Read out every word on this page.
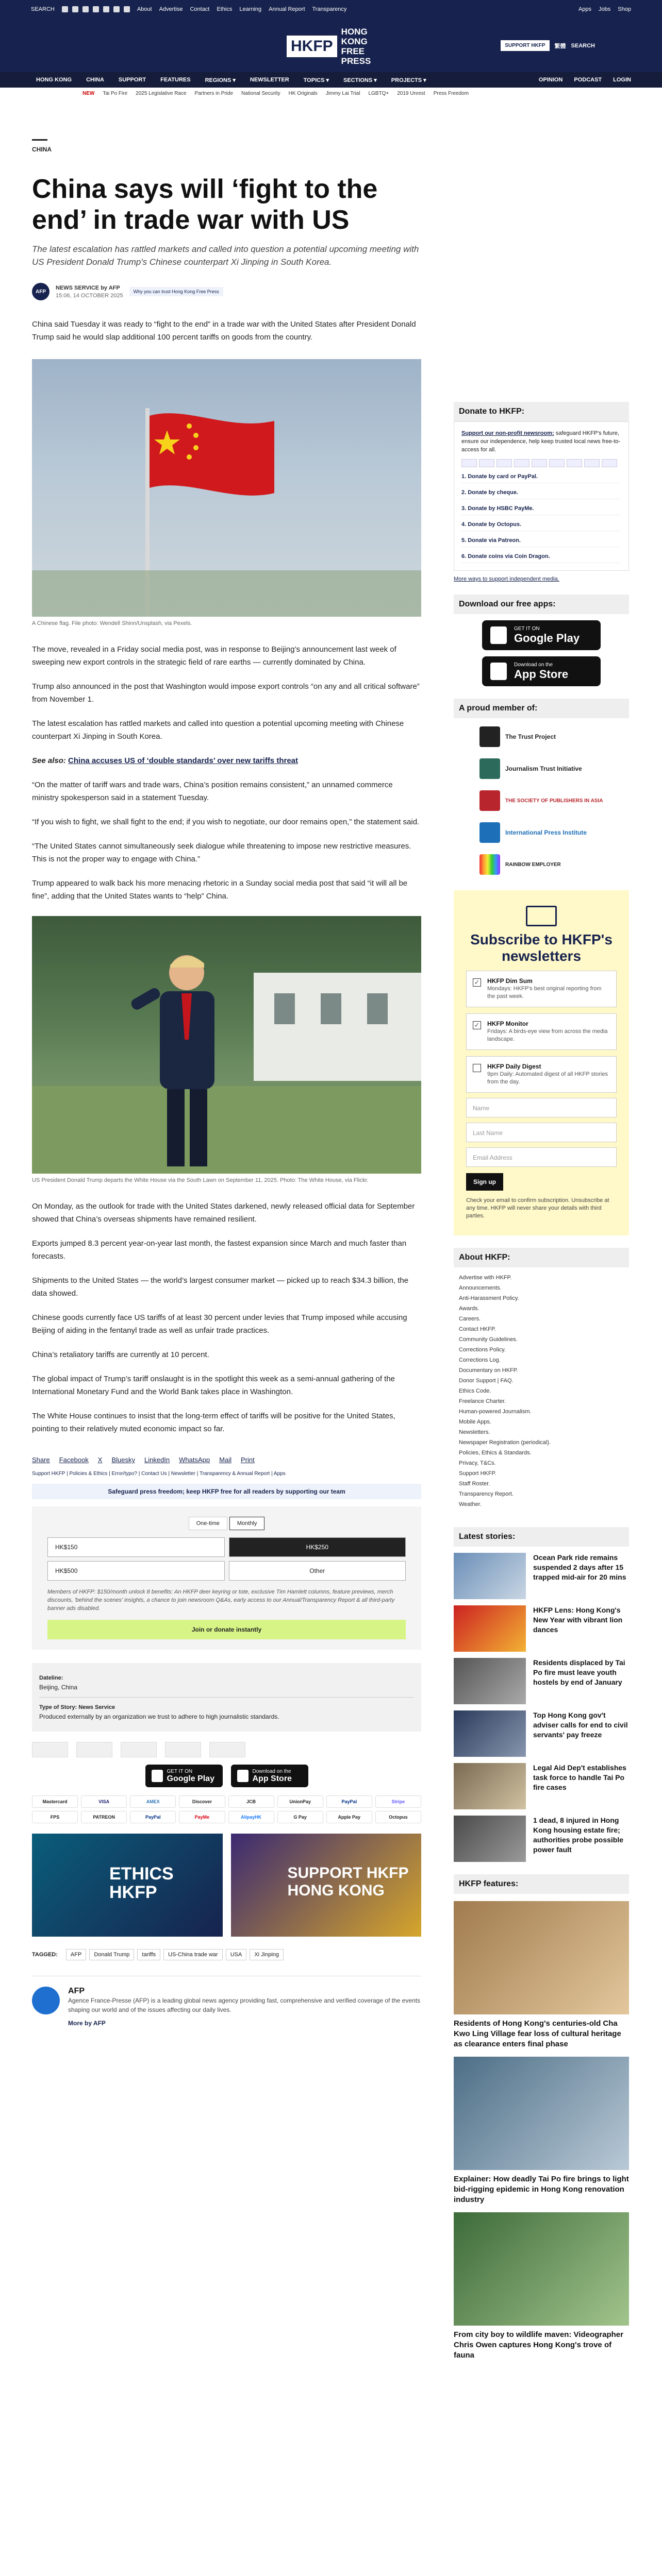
SEARCH	About Advertise Contact Ethics Learning Annual Report Transparency	Apps Jobs Shop
HKFP
HONG KONG
FREE PRESS
SUPPORT HKFP	繁體 SEARCH
HONG KONG	CHINA	SUPPORT	FEATURES	REGIONS ▾	NEWSLETTER	TOPICS ▾	SECTIONS ▾	PROJECTS ▾	OPINION PODCAST LOGIN
NEW Tai Po Fire 2025 Legislative Race Partners in Pride National Security HK Originals Jimmy Lai Trial LGBTQ+ 2019 Unrest Press Freedom
CHINA
China says will ‘fight to the end’ in trade war with US

The latest escalation has rattled markets and called into question a potential upcoming meeting with US President Donald Trump's Chinese counterpart Xi Jinping in South Korea.

AFP
NEWS SERVICE by AFP
15:06, 14 OCTOBER 2025
Why you can trust Hong Kong Free Press

China said Tuesday it was ready to “fight to the end” in a trade war with the United States after President Donald Trump said he would slap additional 100 percent tariffs on goods from the country.

A Chinese flag. File photo: Wendell Shinn/Unsplash, via Pexels.

The move, revealed in a Friday social media post, was in response to Beijing’s announcement last week of sweeping new export controls in the strategic field of rare earths — currently dominated by China.

Trump also announced in the post that Washington would impose export controls “on any and all critical software” from November 1.

The latest escalation has rattled markets and called into question a potential upcoming meeting with Chinese counterpart Xi Jinping in South Korea.

See also: China accuses US of ‘double standards’ over new tariffs threat

“On the matter of tariff wars and trade wars, China’s position remains consistent,” an unnamed commerce ministry spokesperson said in a statement Tuesday.

“If you wish to fight, we shall fight to the end; if you wish to negotiate, our door remains open,” the statement said.

“The United States cannot simultaneously seek dialogue while threatening to impose new restrictive measures. This is not the proper way to engage with China.”

Trump appeared to walk back his more menacing rhetoric in a Sunday social media post that said “it will all be fine”, adding that the United States wants to “help” China.

US President Donald Trump departs the White House via the South Lawn on September 11, 2025. Photo: The White House, via Flickr.

On Monday, as the outlook for trade with the United States darkened, newly released official data for September showed that China’s overseas shipments have remained resilient.

Exports jumped 8.3 percent year-on-year last month, the fastest expansion since March and much faster than forecasts.

Shipments to the United States — the world’s largest consumer market — picked up to reach $34.3 billion, the data showed.

Chinese goods currently face US tariffs of at least 30 percent under levies that Trump imposed while accusing Beijing of aiding in the fentanyl trade as well as unfair trade practices.

China’s retaliatory tariffs are currently at 10 percent.

The global impact of Trump’s tariff onslaught is in the spotlight this week as a semi-annual gathering of the International Monetary Fund and the World Bank takes place in Washington.

The White House continues to insist that the long-term effect of tariffs will be positive for the United States, pointing to their relatively muted economic impact so far.

Share Facebook X Bluesky LinkedIn WhatsApp Mail Print
Support HKFP | Policies & Ethics | Error/typo? | Contact Us | Newsletter | Transparency & Annual Report | Apps
Safeguard press freedom; keep HKFP free for all readers by supporting our team
One-time	Monthly
HK$150	HK$250
HK$500	Other

Members of HKFP: $150/month unlock 8 benefits: An HKFP deer keyring or tote, exclusive Tim Hamlett columns, feature previews, merch discounts, 'behind the scenes' insights, a chance to join newsroom Q&As, early access to our Annual/Transparency Report & all third-party banner ads disabled.

Join or donate instantly
Dateline:
Beijing, China
Type of Story: News Service
Produced externally by an organization we trust to adhere to high journalistic standards.
GET IT ON
Google Play
Download on the
App Store
Mastercard	VISA	AMEX	Discover	JCB	UnionPay	PayPal	Stripe
FPS	PATREON	PayPal	PayMe	AlipayHK	G Pay	Apple Pay	Octopus
ETHICS
HKFP
SUPPORT HKFP
HONG KONG
TAGGED:	AFP	Donald Trump	tariffs	US-China trade war	USA	Xi Jinping
AFP
Agence France-Presse (AFP) is a leading global news agency providing fast, comprehensive and verified coverage of the events shaping our world and of the issues affecting our daily lives.
More by AFP
Donate to HKFP:

Support our non-profit newsroom: safeguard HKFP's future, ensure our independence, help keep trusted local news free-to-access for all.

1. Donate by card or PayPal.
2. Donate by cheque.
3. Donate by HSBC PayMe.
4. Donate by Octopus.
5. Donate via Patreon.
6. Donate coins via Coin Dragon.
More ways to support independent media.
Download our free apps:
GET IT ON
Google Play
Download on the
App Store
A proud member of:
The Trust Project
Journalism Trust Initiative
THE SOCIETY OF PUBLISHERS IN ASIA
International Press Institute
RAINBOW EMPLOYER
Subscribe to HKFP's newsletters
✓ HKFP Dim Sum
Mondays: HKFP's best original reporting from the past week.
✓ HKFP Monitor
Fridays: A birds-eye view from across the media landscape.
HKFP Daily Digest
9pm Daily: Automated digest of all HKFP stories from the day.
Name
Last Name
Email Address
Sign up

Check your email to confirm subscription. Unsubscribe at any time. HKFP will never share your details with third parties.

About HKFP:
Advertise with HKFP.
Announcements.
Anti-Harassment Policy.
Awards.
Careers.
Contact HKFP.
Community Guidelines.
Corrections Policy.
Corrections Log.
Documentary on HKFP.
Donor Support | FAQ.
Ethics Code.
Freelance Charter.
Human-powered Journalism.
Mobile Apps.
Newsletters.
Newspaper Registration (periodical).
Policies, Ethics & Standards.
Privacy, T&Cs.
Support HKFP.
Staff Roster.
Transparency Report.
Weather.
Latest stories:
Ocean Park ride remains suspended 2 days after 15 trapped mid-air for 20 mins
HKFP Lens: Hong Kong's New Year with vibrant lion dances
Residents displaced by Tai Po fire must leave youth hostels by end of January
Top Hong Kong gov't adviser calls for end to civil servants' pay freeze
Legal Aid Dep't establishes task force to handle Tai Po fire cases
1 dead, 8 injured in Hong Kong housing estate fire; authorities probe possible power fault
HKFP features:
Residents of Hong Kong's centuries-old Cha Kwo Ling Village fear loss of cultural heritage as clearance enters final phase
Explainer: How deadly Tai Po fire brings to light bid-rigging epidemic in Hong Kong renovation industry
From city boy to wildlife maven: Videographer Chris Owen captures Hong Kong's trove of fauna
